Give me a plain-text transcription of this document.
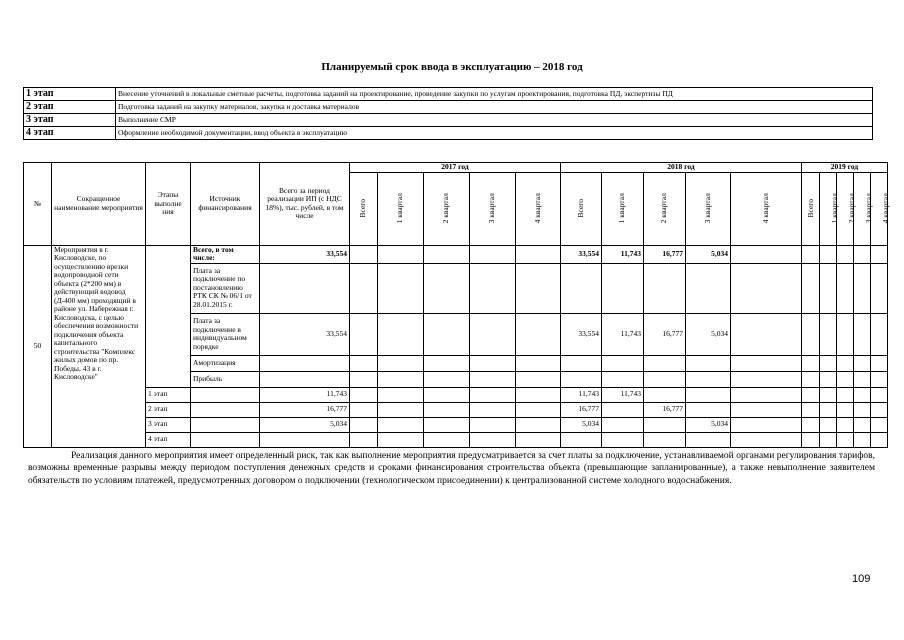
Планируемый срок ввода в эксплуатацию – 2018 год
1 этап	Внесение уточнений в локальные сметные расчеты, подготовка заданий на проектирование, проведение закупки по услугам проектирования, подготовка ПД, экспертизы ПД
2 этап	Подготовка заданий на закупку материалов, закупка и доставка материалов
3 этап	Выполнение СМР
4 этап	Оформление необходимой документации, ввод объекта в эксплуатацию
№	Сокращенное наименование мероприятия	Этапы выполне ния	Источник финансирования	Всего за период реализации ИП (с НДС 18%), тыс. рублей, в том числе	2017 год					2018 год					2019 год				
					Всего	1 квартал	2 квартал	3 квартал	4 квартал	Всего	1 квартал	2 квартал	3 квартал	4 квартал	Всего	1 квартал	2 квартал	3 квартал	4 квартал
50	Мероприятия в г. Кисловодске, по осуществлению врезки водопроводной сети объекта (2*200 мм) в действующий водовод (Д-400 мм) проходящий в районе ул. Набережная г. Кисловодска, с целью обеспечения возможности подключения объекта капитального строительства "Комплекс жилых домов по пр. Победы, 43 в г. Кисловодске"		Всего, в том числе:	33,554						33,554	11,743	16,777	5,034						
			Плата за подключение по постановлению РТК СК № 06/1 от 28.01.2015 г.																
			Плата за подключение в индивидуальном порядке	33,554						33,554	11,743	16,777	5,034						
			Амортизация																
			Прибыль																
		1 этап		11,743						11,743	11,743								
		2 этап		16,777						16,777		16,777							
		3 этап		5,034						5,034			5,034						
		4 этап																	
Реализация данного мероприятия имеет определенный риск, так как выполнение мероприятия предусматривается за счет платы за подключение, устанавливаемой органами регулирования тарифов, возможны временные разрывы между периодом поступления денежных средств и сроками финансирования строительства объекта (превышающие запланированные), а также невыполнение заявителем обязательств по условиям платежей, предусмотренных договором о подключении (технологическом присоединении) к централизованной системе холодного водоснабжения.
109
